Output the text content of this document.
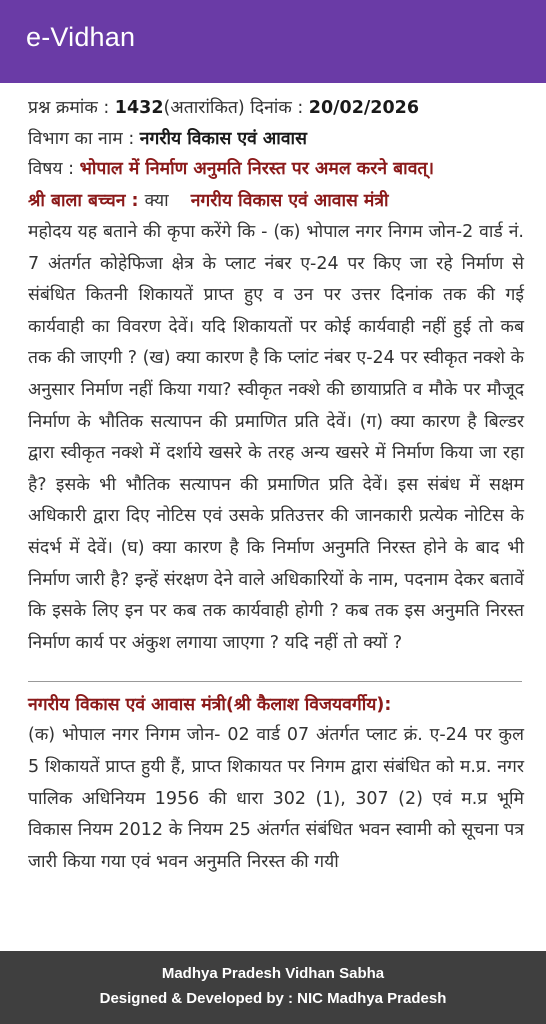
e-Vidhan
प्रश्न क्रमांक : 1432(अतारांकित) दिनांक : 20/02/2026
विभाग का नाम : नगरीय विकास एवं आवास
विषय : भोपाल में निर्माण अनुमति निरस्त पर अमल करने बावत्।
श्री बाला बच्चन : क्या नगरीय विकास एवं आवास मंत्री
महोदय यह बताने की कृपा करेंगे कि - (क) भोपाल नगर निगम जोन-2 वार्ड नं. 7 अंतर्गत कोहेफिजा क्षेत्र के प्लाट नंबर ए-24 पर किए जा रहे निर्माण से संबंधित कितनी शिकायतें प्राप्त हुए व उन पर उत्तर दिनांक तक की गई कार्यवाही का विवरण देवें। यदि शिकायतों पर कोई कार्यवाही नहीं हुई तो कब तक की जाएगी ? (ख) क्या कारण है कि प्लांट नंबर ए-24 पर स्वीकृत नक्शे के अनुसार निर्माण नहीं किया गया? स्वीकृत नक्शे की छायाप्रति व मौके पर मौजूद निर्माण के भौतिक सत्यापन की प्रमाणित प्रति देवें। (ग) क्या कारण है बिल्डर द्वारा स्वीकृत नक्शे में दर्शाये खसरे के तरह अन्य खसरे में निर्माण किया जा रहा है? इसके भी भौतिक सत्यापन की प्रमाणित प्रति देवें। इस संबंध में सक्षम अधिकारी द्वारा दिए नोटिस एवं उसके प्रतिउत्तर की जानकारी प्रत्येक नोटिस के संदर्भ में देवें। (घ) क्या कारण है कि निर्माण अनुमति निरस्त होने के बाद भी निर्माण जारी है? इन्हें संरक्षण देने वाले अधिकारियों के नाम, पदनाम देकर बतावें कि इसके लिए इन पर कब तक कार्यवाही होगी ? कब तक इस अनुमति निरस्त निर्माण कार्य पर अंकुश लगाया जाएगा ? यदि नहीं तो क्यों ?
नगरीय विकास एवं आवास मंत्री(श्री कैलाश विजयवर्गीय):
(क) भोपाल नगर निगम जोन- 02 वार्ड 07 अंतर्गत प्लाट क्रं. ए-24 पर कुल 5 शिकायतें प्राप्त हुयी हैं, प्राप्त शिकायत पर निगम द्वारा संबंधित को म.प्र. नगर पालिक अधिनियम 1956 की धारा 302 (1), 307 (2) एवं म.प्र भूमि विकास नियम 2012 के नियम 25 अंतर्गत संबंधित भवन स्वामी को सूचना पत्र जारी किया गया एवं भवन अनुमति निरस्त की गयी
Madhya Pradesh Vidhan Sabha
Designed & Developed by : NIC Madhya Pradesh
